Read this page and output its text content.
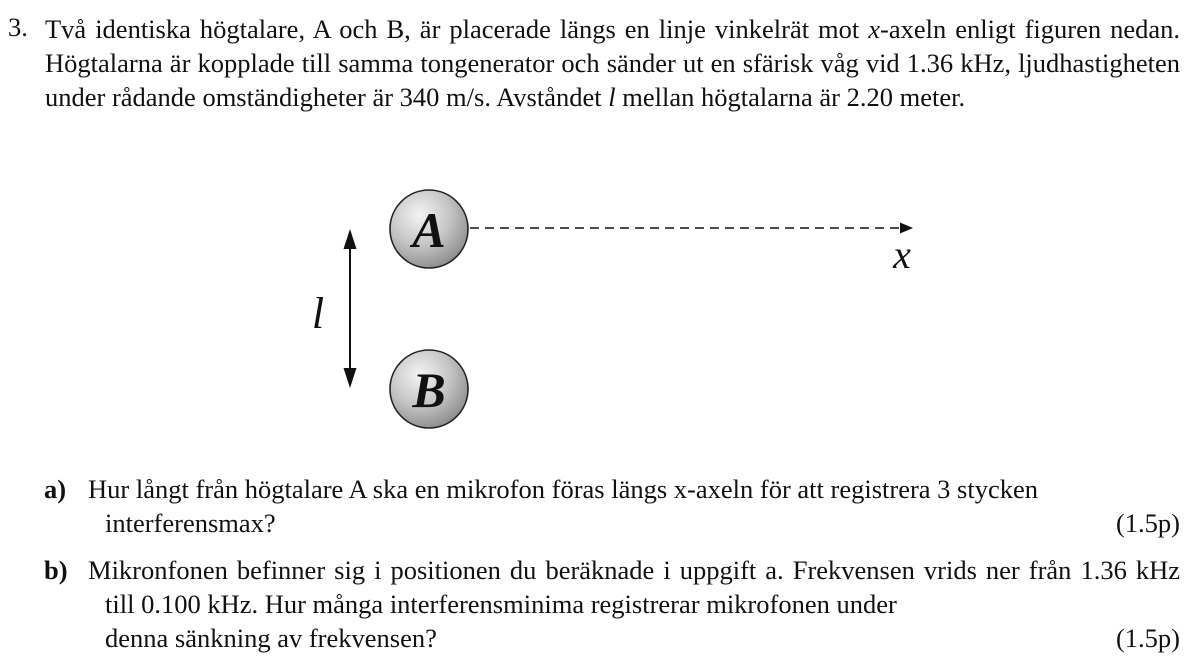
3. Två identiska högtalare, A och B, är placerade längs en linje vinkelrät mot x-axeln enligt figuren nedan. Högtalarna är kopplade till samma tongenerator och sänder ut en sfärisk våg vid 1.36 kHz, ljudhastigheten under rådande omständigheter är 340 m/s. Avståndet l mellan högtalarna är 2.20 meter.
x
l
A
B
a) Hur långt från högtalare A ska en mikrofon föras längs x-axeln för att registrera 3 stycken
interferensmax?	(1.5p)
b) Mikronfonen befinner sig i positionen du beräknade i uppgift a. Frekvensen vrids ner från 1.36 kHz till 0.100 kHz. Hur många interferensminima registrerar mikrofonen under
denna sänkning av frekvensen?	(1.5p)
